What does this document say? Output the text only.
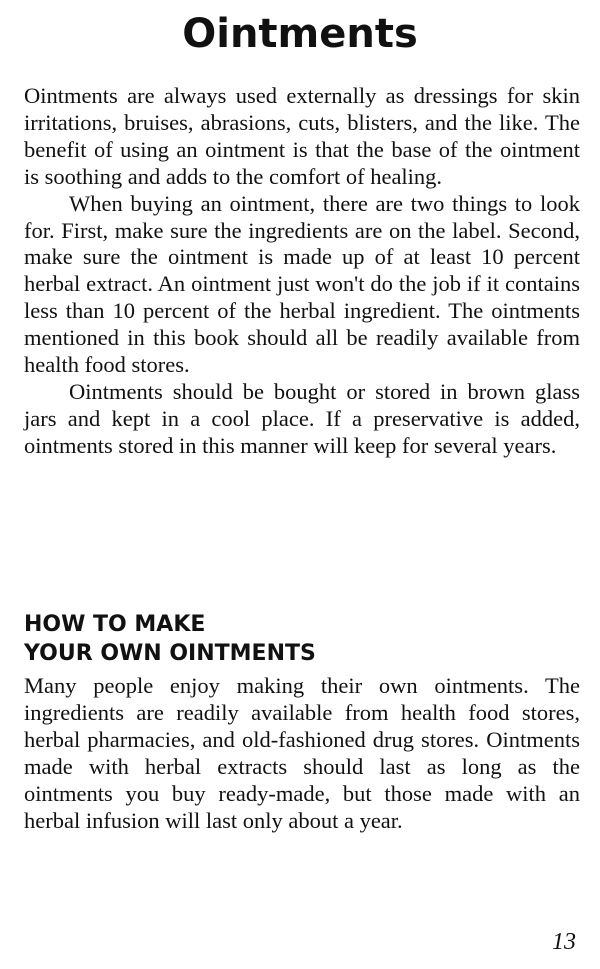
Ointments

Ointments are always used externally as dressings for skin irritations, bruises, abrasions, cuts, blisters, and the like. The benefit of using an ointment is that the base of the ointment is soothing and adds to the comfort of healing.

When buying an ointment, there are two things to look for. First, make sure the ingredients are on the label. Second, make sure the ointment is made up of at least 10 percent herbal extract. An ointment just won't do the job if it contains less than 10 percent of the herbal ingredient. The ointments mentioned in this book should all be readily available from health food stores.

Ointments should be bought or stored in brown glass jars and kept in a cool place. If a preservative is added, ointments stored in this manner will keep for several years.

HOW TO MAKE
YOUR OWN OINTMENTS

Many people enjoy making their own ointments. The ingredients are readily available from health food stores, herbal pharmacies, and old-fashioned drug stores. Ointments made with herbal extracts should last as long as the ointments you buy ready-made, but those made with an herbal infusion will last only about a year.

13
